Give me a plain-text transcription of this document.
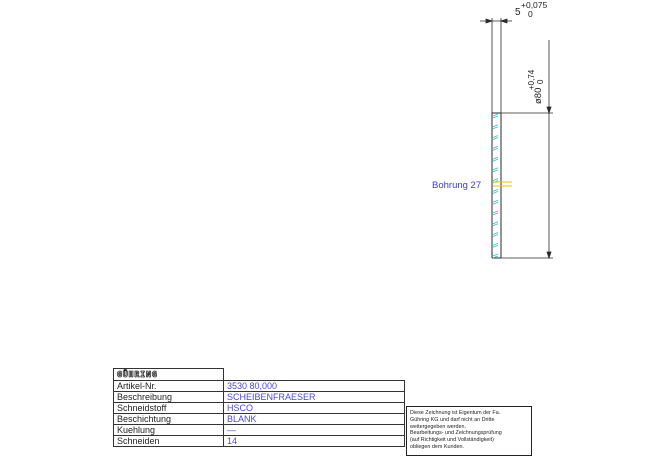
5
+0,075
0
ø80
+0,74 0
Bohrung 27
GÜHRING	
Artikel-Nr.	3530 80,000
Beschreibung	SCHEIBENFRAESER
Schneidstoff	HSCO
Beschichtung	BLANK
Kuehlung	—
Schneiden	14
Diese Zeichnung ist Eigentum der Fa.
Gühring KG und darf nicht an Dritte
weitergegeben werden.
Bearbeitungs- und Zeichnungsprüfung
(auf Richtigkeit und Vollständigkeit)
obliegen dem Kunden.
